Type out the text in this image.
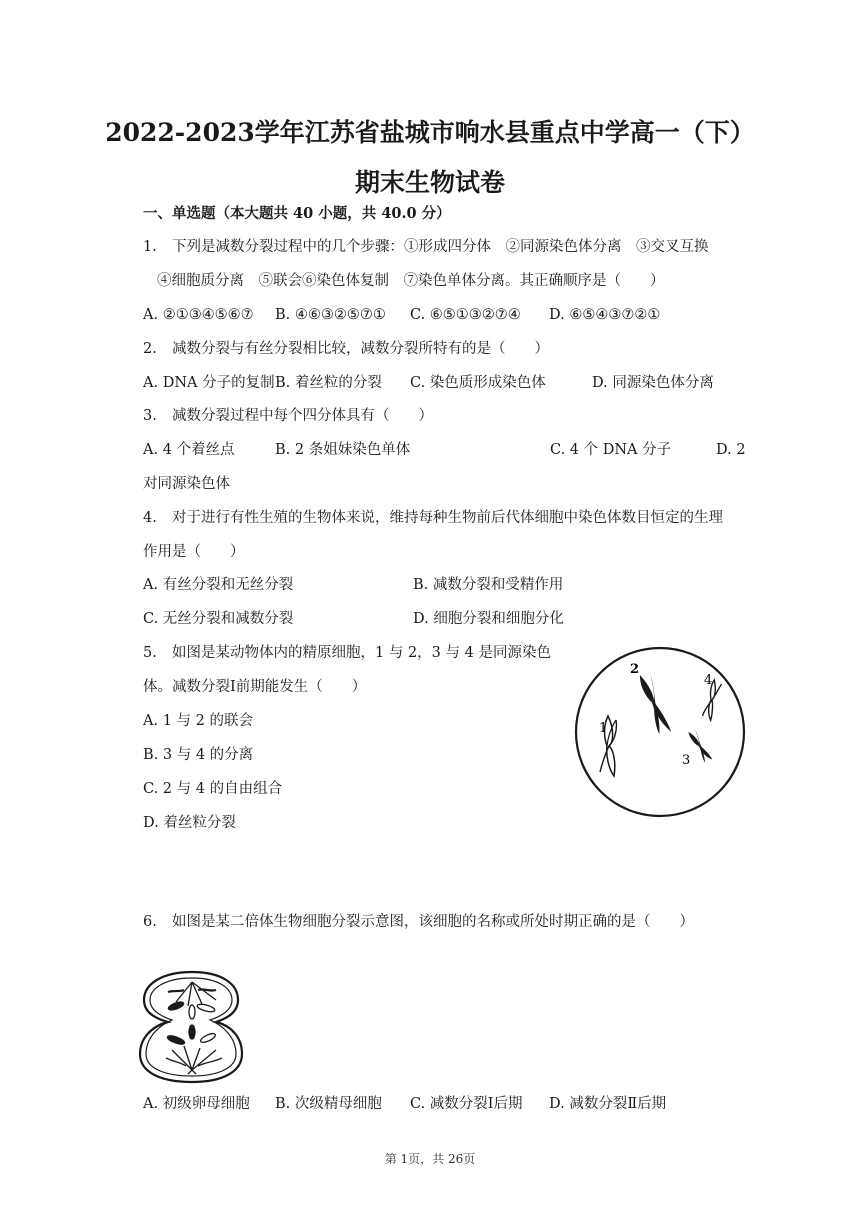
2022-2023学年江苏省盐城市响水县重点中学高一（下）期末生物试卷
一、单选题（本大题共 40 小题，共 40.0 分）
1. 下列是减数分裂过程中的几个步骤：①形成四分体　②同源染色体分离　③交叉互换
④细胞质分离　⑤联会⑥染色体复制　⑦染色单体分离。其正确顺序是（　　）
A. ②①③④⑤⑥⑦ B. ④⑥③②⑤⑦① C. ⑥⑤①③②⑦④ D. ⑥⑤④③⑦②①
2. 减数分裂与有丝分裂相比较，减数分裂所特有的是（　　）
A. DNA 分子的复制 B. 着丝粒的分裂 C. 染色质形成染色体	D. 同源染色体分离
3. 减数分裂过程中每个四分体具有（　　）
A. 4 个着丝点	B. 2 条姐妹染色单体	C. 4 个 DNA 分子	D. 2
对同源染色体
4. 对于进行有性生殖的生物体来说，维持每种生物前后代体细胞中染色体数目恒定的生理
作用是（　　）
A. 有丝分裂和无丝分裂	B. 减数分裂和受精作用
C. 无丝分裂和减数分裂	D. 细胞分裂和细胞分化
5. 如图是某动物体内的精原细胞，1 与 2，3 与 4 是同源染色
体。减数分裂Ⅰ前期能发生（　　）
A. 1 与 2 的联会
B. 3 与 4 的分离
C. 2 与 4 的自由组合
D. 着丝粒分裂
1
2
4
3
6. 如图是某二倍体生物细胞分裂示意图，该细胞的名称或所处时期正确的是（　　）
A. 初级卵母细胞 B. 次级精母细胞 C. 减数分裂Ⅰ后期 D. 减数分裂Ⅱ后期
第 1页，共 26页
